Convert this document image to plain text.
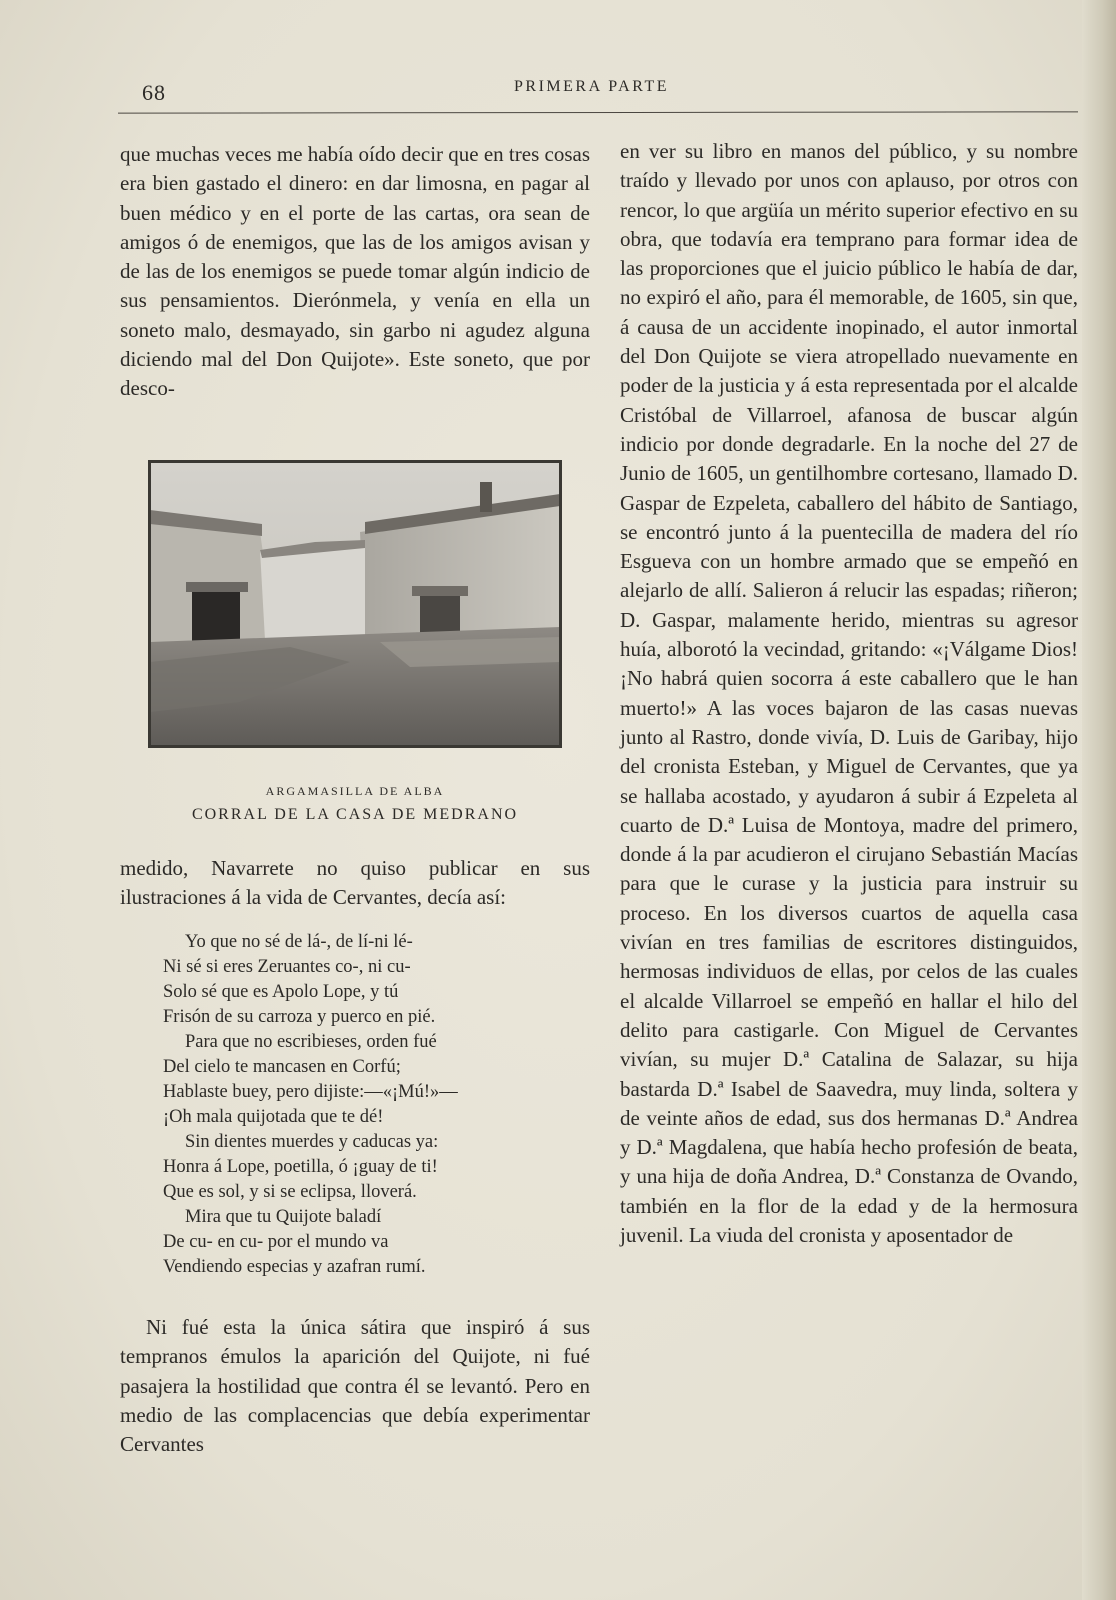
68	PRIMERA PARTE

que muchas veces me había oído decir que en tres cosas era bien gastado el dinero: en dar limosna, en pagar al buen médico y en el porte de las cartas, ora sean de amigos ó de enemigos, que las de los amigos avisan y de las de los enemigos se puede tomar algún indicio de sus pensamientos. Dierónmela, y venía en ella un soneto malo, desmayado, sin garbo ni agudez alguna diciendo mal del Don Quijote». Este soneto, que por desco-

ARGAMASILLA DE ALBA
CORRAL DE LA CASA DE MEDRANO

medido, Navarrete no quiso publicar en sus ilustraciones á la vida de Cervantes, decía así:

Yo que no sé de lá-, de lí-ni lé-
Ni sé si eres Zeruantes co-, ni cu-
Solo sé que es Apolo Lope, y tú
Frisón de su carroza y puerco en pié.
Para que no escribieses, orden fué
Del cielo te mancasen en Corfú;
Hablaste buey, pero dijiste:—«¡Mú!»—
¡Oh mala quijotada que te dé!
Sin dientes muerdes y caducas ya:
Honra á Lope, poetilla, ó ¡guay de ti!
Que es sol, y si se eclipsa, lloverá.
Mira que tu Quijote baladí
De cu- en cu- por el mundo va
Vendiendo especias y azafran rumí.

Ni fué esta la única sátira que inspiró á sus tempranos émulos la aparición del Quijote, ni fué pasajera la hostilidad que contra él se levantó. Pero en medio de las complacencias que debía experimentar Cervantes

en ver su libro en manos del público, y su nombre traído y llevado por unos con aplauso, por otros con rencor, lo que argüía un mérito superior efectivo en su obra, que todavía era temprano para formar idea de las proporciones que el juicio público le había de dar, no expiró el año, para él memorable, de 1605, sin que, á causa de un accidente inopinado, el autor inmortal del Don Quijote se viera atropellado nuevamente en poder de la justicia y á esta representada por el alcalde Cristóbal de Villarroel, afanosa de buscar algún indicio por donde degradarle. En la noche del 27 de Junio de 1605, un gentilhombre cortesano, llamado D. Gaspar de Ezpeleta, caballero del hábito de Santiago, se encontró junto á la puentecilla de madera del río Esgueva con un hombre armado que se empeñó en alejarlo de allí. Salieron á relucir las espadas; riñeron; D. Gaspar, malamente herido, mientras su agresor huía, alborotó la vecindad, gritando: «¡Válgame Dios! ¡No habrá quien socorra á este caballero que le han muerto!» A las voces bajaron de las casas nuevas junto al Rastro, donde vivía, D. Luis de Garibay, hijo del cronista Esteban, y Miguel de Cervantes, que ya se hallaba acostado, y ayudaron á subir á Ezpeleta al cuarto de D.ª Luisa de Montoya, madre del primero, donde á la par acudieron el cirujano Sebastián Macías para que le curase y la justicia para instruir su proceso. En los diversos cuartos de aquella casa vivían en tres familias de escritores distinguidos, hermosas individuos de ellas, por celos de las cuales el alcalde Villarroel se empeñó en hallar el hilo del delito para castigarle. Con Miguel de Cervantes vivían, su mujer D.ª Catalina de Salazar, su hija bastarda D.ª Isabel de Saavedra, muy linda, soltera y de veinte años de edad, sus dos hermanas D.ª Andrea y D.ª Magdalena, que había hecho profesión de beata, y una hija de doña Andrea, D.ª Constanza de Ovando, también en la flor de la edad y de la hermosura juvenil. La viuda del cronista y aposentador de
